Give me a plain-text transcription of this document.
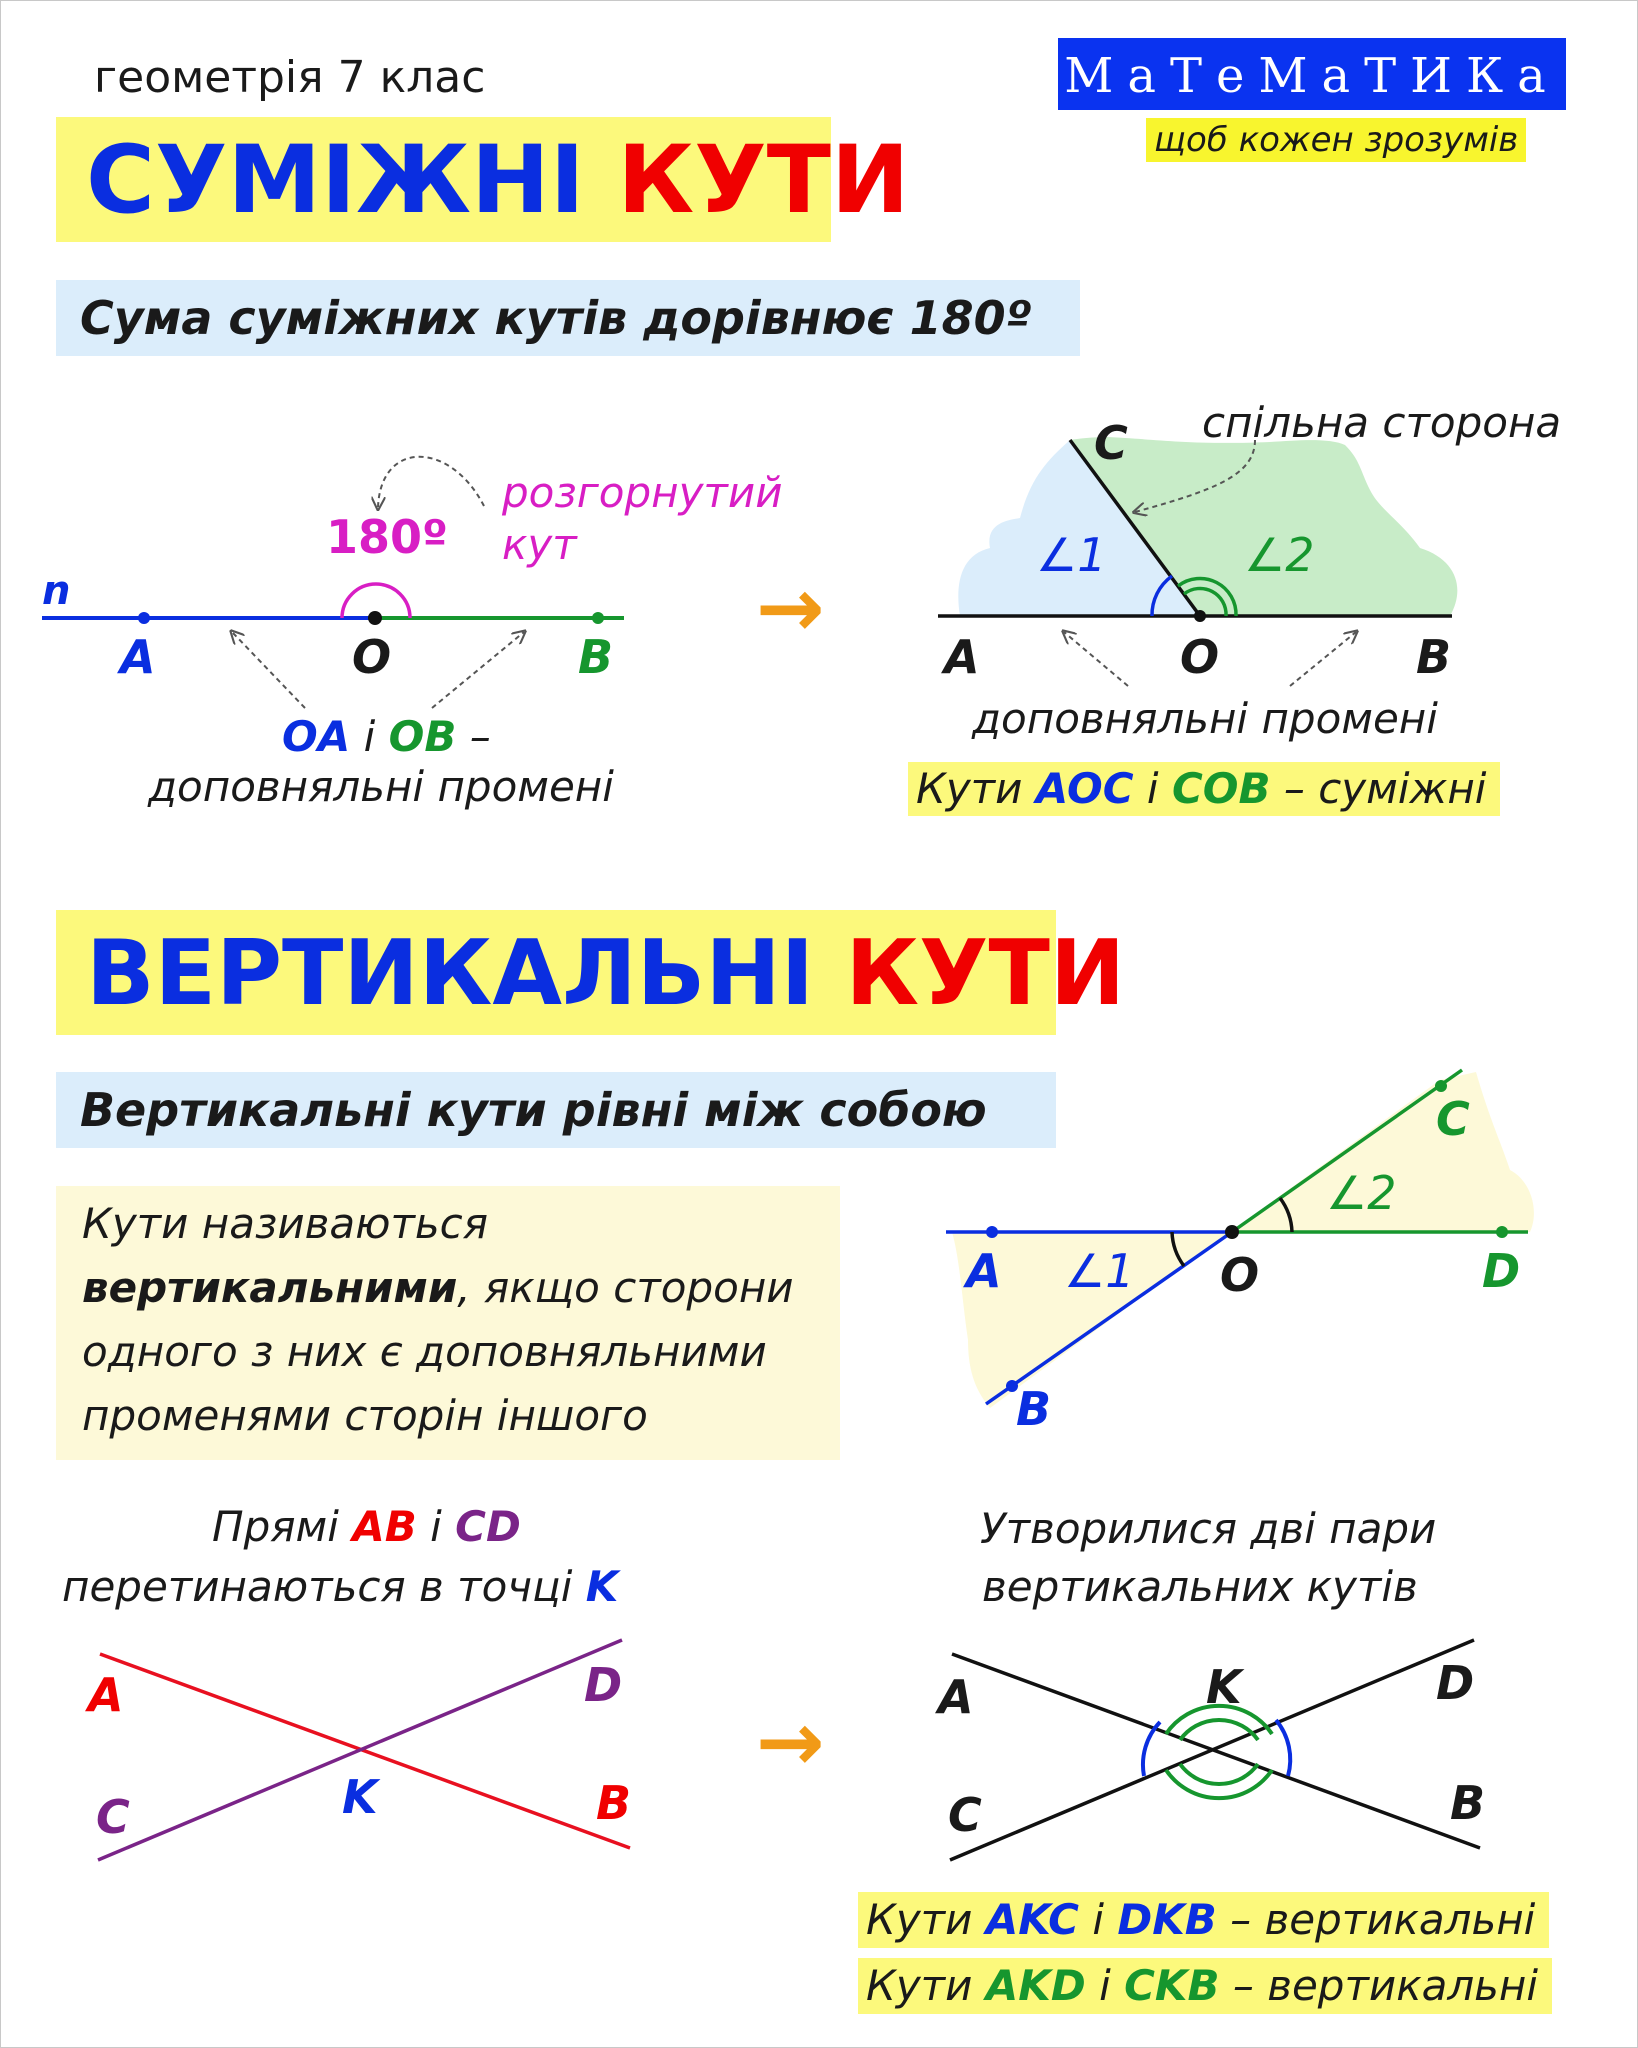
геометрія 7 клас	МаТеМаТИКа
щоб кожен зрозумів
СУМІЖНІ КУТИ
Сума суміжних кутів дорівнює 180º
n
180º
розгорнутий
кут
A	O	B
OA і OB –
доповняльні промені
→
C спільна сторона
∠1	∠2
A	O	B
доповняльні промені
Кути AOC і COB – суміжні
ВЕРТИКАЛЬНІ КУТИ
Вертикальні кути рівні між собою
Кути називаються
вертикальними, якщо сторони
одного з них є доповняльними
променями сторін іншого
C
∠2
A ∠1 O	D
B
Прямі AB і CD
перетинаються в точці K
A	D
K
C	B
→
Утворилися дві пари
вертикальних кутів
A	K	D
C	B
Кути AKC і DKB – вертикальні
Кути AKD і CKB – вертикальні
